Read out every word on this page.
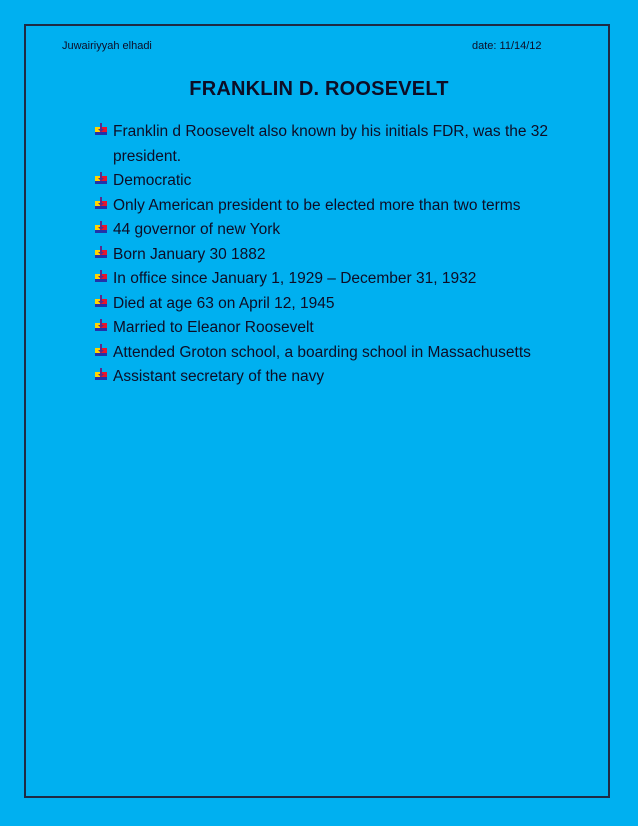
Juwairiyyah elhadi	date: 11/14/12
FRANKLIN D. ROOSEVELT
Franklin d Roosevelt also known by his initials FDR, was the 32 president.
Democratic
Only American president to be elected more than two terms
44 governor of new York
Born January 30 1882
In office since January 1, 1929 – December 31, 1932
Died at age 63 on April 12, 1945
Married to Eleanor Roosevelt
Attended Groton school, a boarding school in Massachusetts
Assistant secretary of the navy
